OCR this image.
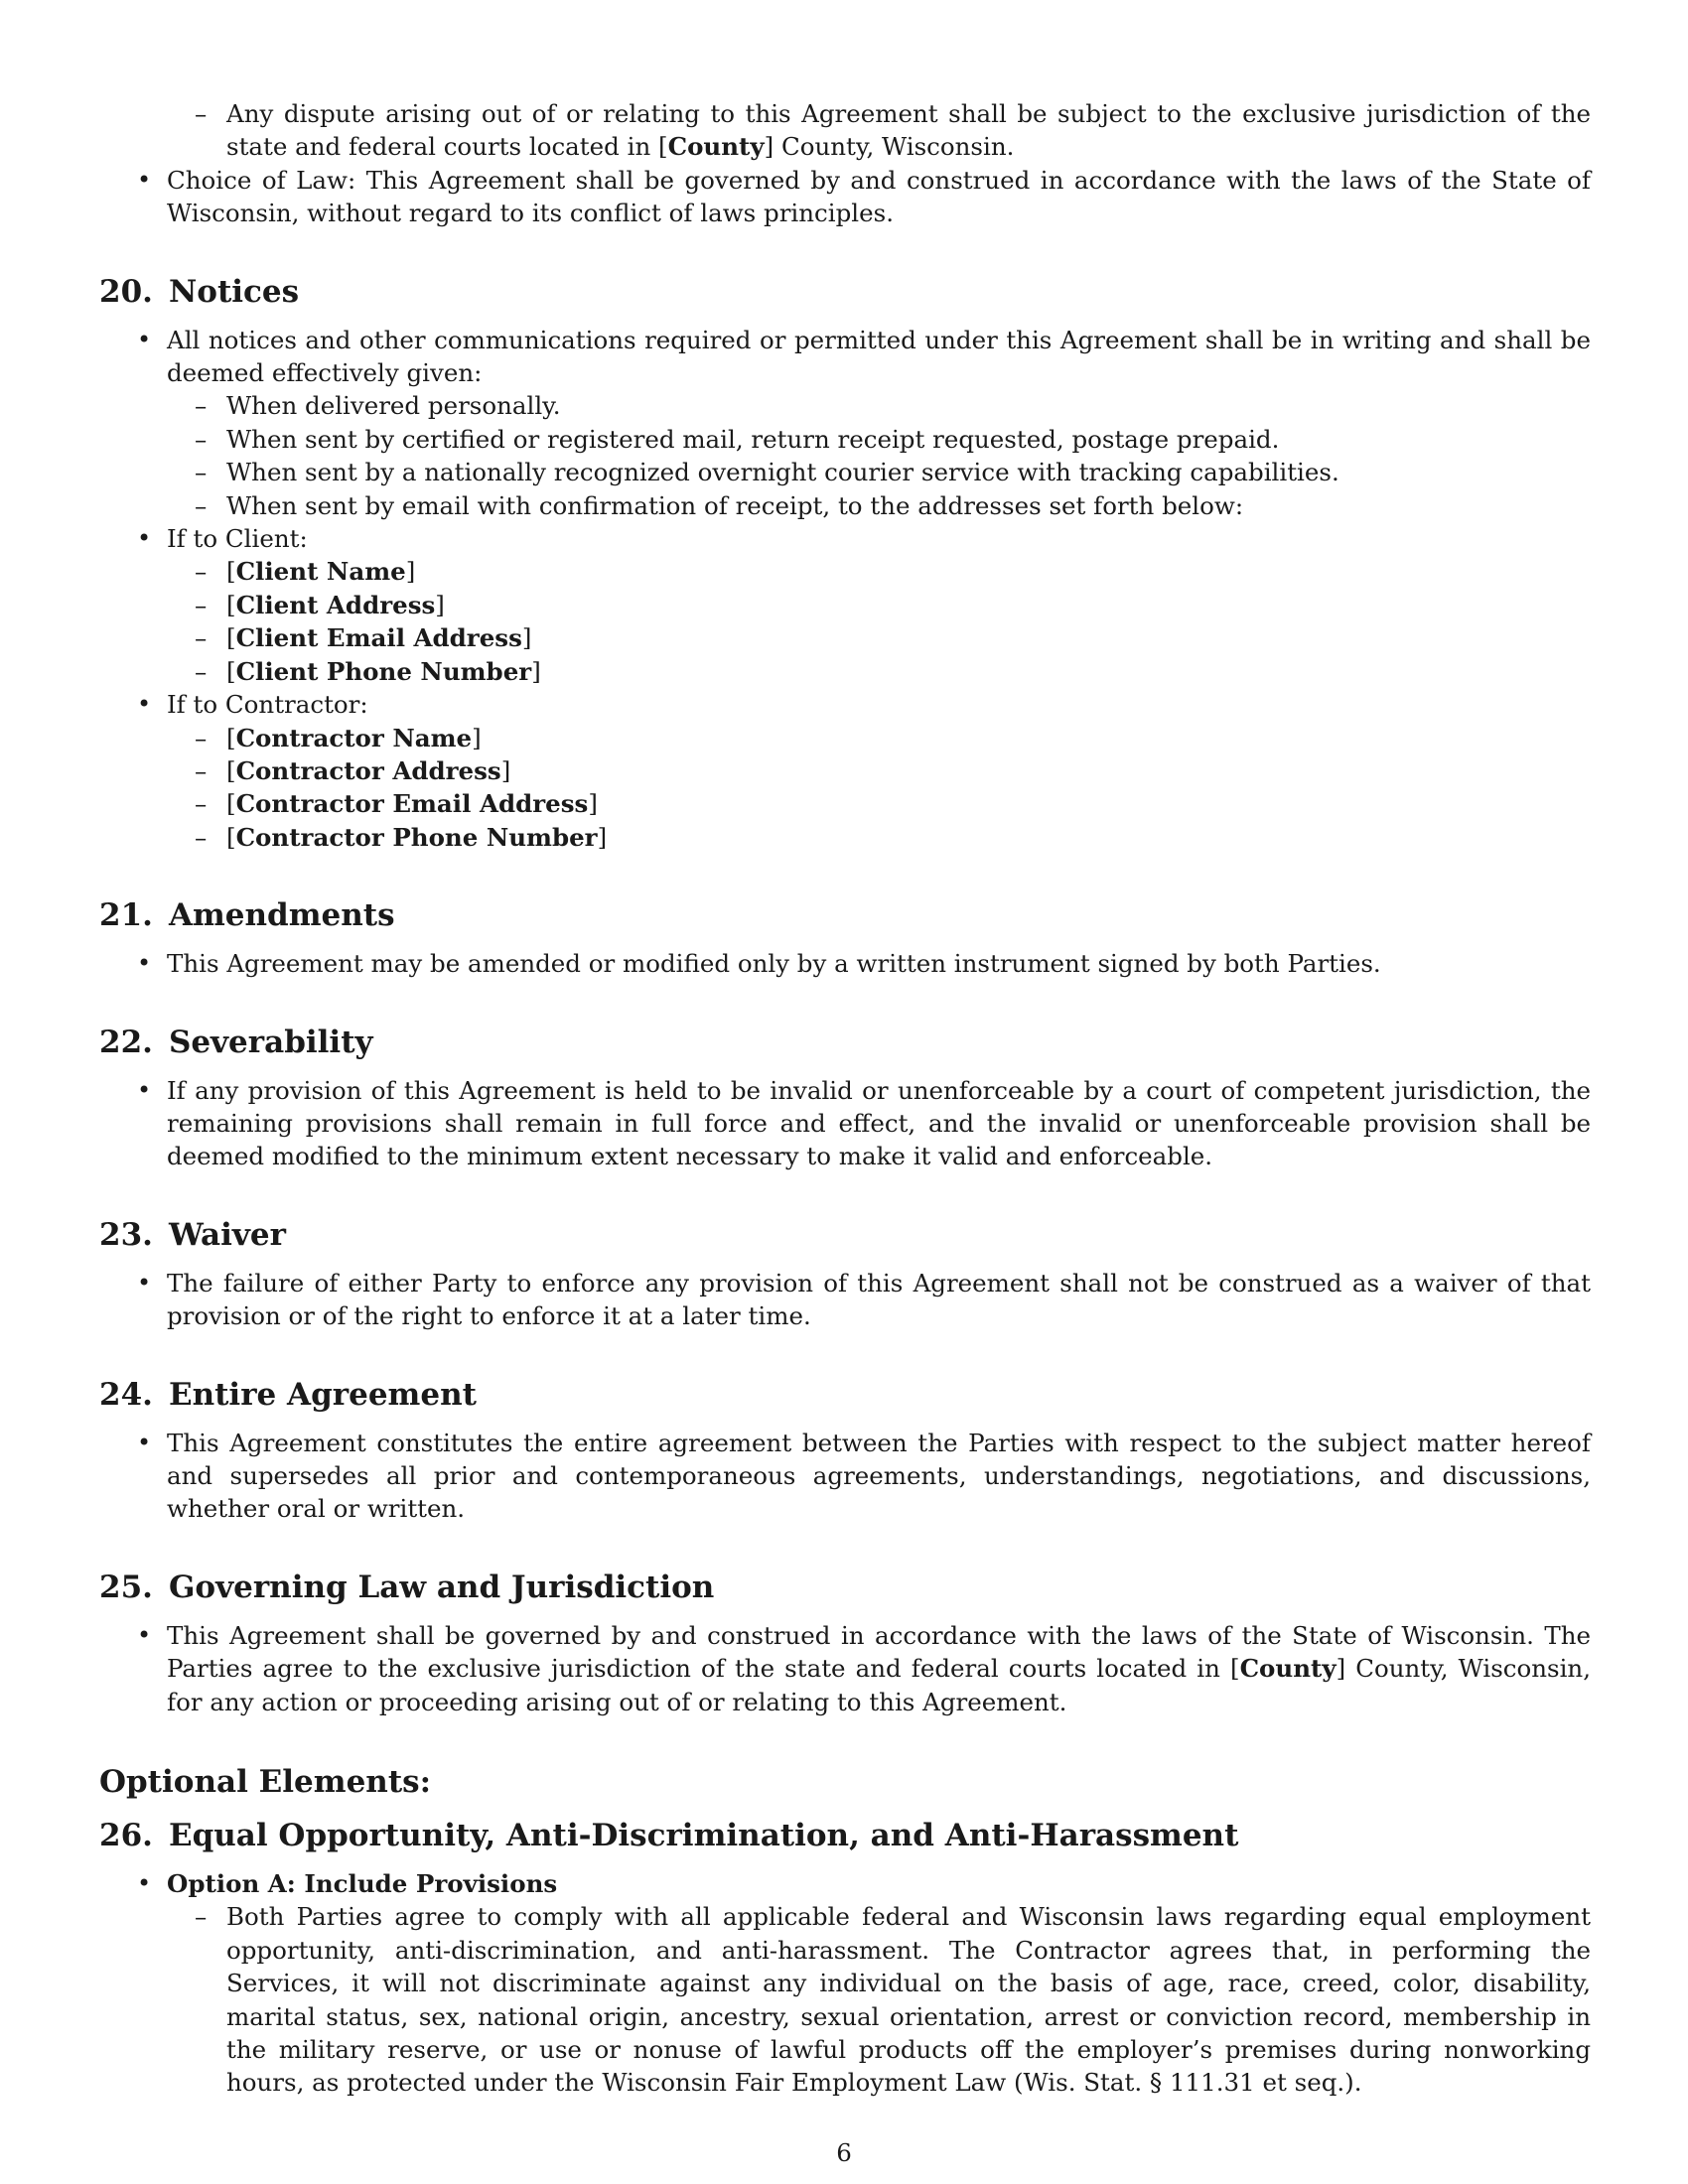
– Any dispute arising out of or relating to this Agreement shall be subject to the exclusive jurisdiction of the state and federal courts located in [County] County, Wisconsin.

• Choice of Law: This Agreement shall be governed by and construed in accordance with the laws of the State of Wisconsin, without regard to its conflict of laws principles.
20. Notices
• All notices and other communications required or permitted under this Agreement shall be in writing and shall be deemed effectively given:
– When delivered personally.
– When sent by certified or registered mail, return receipt requested, postage prepaid.
– When sent by a nationally recognized overnight courier service with tracking capabilities.
– When sent by email with confirmation of receipt, to the addresses set forth below:
• If to Client:
– [Client Name]
– [Client Address]
– [Client Email Address]
– [Client Phone Number]
• If to Contractor:
– [Contractor Name]
– [Contractor Address]
– [Contractor Email Address]
– [Contractor Phone Number]
21. Amendments
• This Agreement may be amended or modified only by a written instrument signed by both Parties.
22. Severability
• If any provision of this Agreement is held to be invalid or unenforceable by a court of competent jurisdiction, the remaining provisions shall remain in full force and effect, and the invalid or unenforceable provision shall be deemed modified to the minimum extent necessary to make it valid and enforceable.
23. Waiver
• The failure of either Party to enforce any provision of this Agreement shall not be construed as a waiver of that provision or of the right to enforce it at a later time.
24. Entire Agreement
• This Agreement constitutes the entire agreement between the Parties with respect to the subject matter hereof and supersedes all prior and contemporaneous agreements, understandings, negotiations, and discussions, whether oral or written.
25. Governing Law and Jurisdiction
• This Agreement shall be governed by and construed in accordance with the laws of the State of Wisconsin. The Parties agree to the exclusive jurisdiction of the state and federal courts located in [County] County, Wisconsin, for any action or proceeding arising out of or relating to this Agreement.
Optional Elements:
26. Equal Opportunity, Anti-Discrimination, and Anti-Harassment
• Option A: Include Provisions
– Both Parties agree to comply with all applicable federal and Wisconsin laws regarding equal employment opportunity, anti-discrimination, and anti-harassment. The Contractor agrees that, in performing the Services, it will not discriminate against any individual on the basis of age, race, creed, color, disability, marital status, sex, national origin, ancestry, sexual orientation, arrest or conviction record, membership in the military reserve, or use or nonuse of lawful products off the employer’s premises during nonworking hours, as protected under the Wisconsin Fair Employment Law (Wis. Stat. § 111.31 et seq.).
6
